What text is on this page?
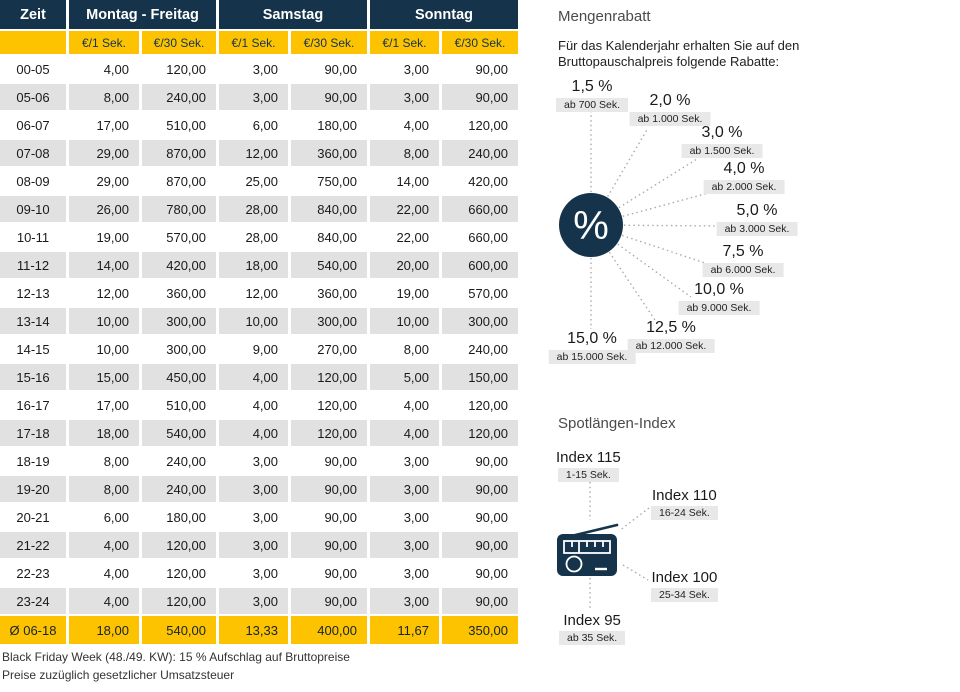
Zeit	Montag - Freitag	Samstag	Sonntag
€/1 Sek.	€/30 Sek.	€/1 Sek.	€/30 Sek.	€/1 Sek.	€/30 Sek.
00-05	4,00	120,00	3,00	90,00	3,00	90,00
05-06	8,00	240,00	3,00	90,00	3,00	90,00
06-07	17,00	510,00	6,00	180,00	4,00	120,00
07-08	29,00	870,00	12,00	360,00	8,00	240,00
08-09	29,00	870,00	25,00	750,00	14,00	420,00
09-10	26,00	780,00	28,00	840,00	22,00	660,00
10-11	19,00	570,00	28,00	840,00	22,00	660,00
11-12	14,00	420,00	18,00	540,00	20,00	600,00
12-13	12,00	360,00	12,00	360,00	19,00	570,00
13-14	10,00	300,00	10,00	300,00	10,00	300,00
14-15	10,00	300,00	9,00	270,00	8,00	240,00
15-16	15,00	450,00	4,00	120,00	5,00	150,00
16-17	17,00	510,00	4,00	120,00	4,00	120,00
17-18	18,00	540,00	4,00	120,00	4,00	120,00
18-19	8,00	240,00	3,00	90,00	3,00	90,00
19-20	8,00	240,00	3,00	90,00	3,00	90,00
20-21	6,00	180,00	3,00	90,00	3,00	90,00
21-22	4,00	120,00	3,00	90,00	3,00	90,00
22-23	4,00	120,00	3,00	90,00	3,00	90,00
23-24	4,00	120,00	3,00	90,00	3,00	90,00
Ø 06-18	18,00	540,00	13,33	400,00	11,67	350,00
Black Friday Week (48./49. KW): 15 % Aufschlag auf Bruttopreise
Preise zuzüglich gesetzlicher Umsatzsteuer
Mengenrabatt
Für das Kalenderjahr erhalten Sie auf den
Bruttopauschalpreis folgende Rabatte:
%
1,5 %
ab 700 Sek.	2,0 %
ab 1.000 Sek.
3,0 %
ab 1.500 Sek.
4,0 %
ab 2.000 Sek.
5,0 %
ab 3.000 Sek.
7,5 %
ab 6.000 Sek.
10,0 %
ab 9.000 Sek.
12,5 %
ab 12.000 Sek.
15,0 %
ab 15.000 Sek.
Spotlängen-Index
Index 115
1-15 Sek.
Index 110
16-24 Sek.
Index 100
25-34 Sek.
Index 95
ab 35 Sek.
